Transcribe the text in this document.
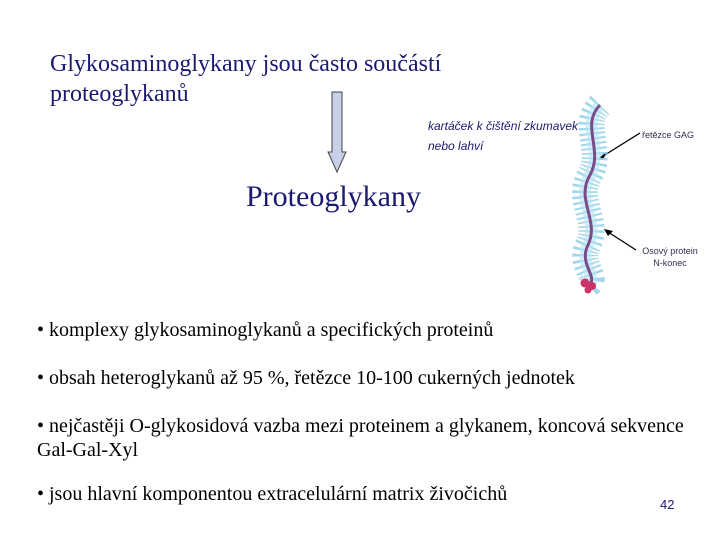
Glykosaminoglykany jsou často součástí proteoglykanů
kartáček k čištění zkumavek nebo lahví
řetězce GAG
Osový protein
N-konec
Proteoglykany
• komplexy glykosaminoglykanů a specifických proteinů
• obsah heteroglykanů až 95 %, řetězce 10-100 cukerných jednotek
• nejčastěji O-glykosidová vazba mezi proteinem a glykanem, koncová sekvence Gal-Gal-Xyl
• jsou hlavní komponentou extracelulární matrix živočichů	42
